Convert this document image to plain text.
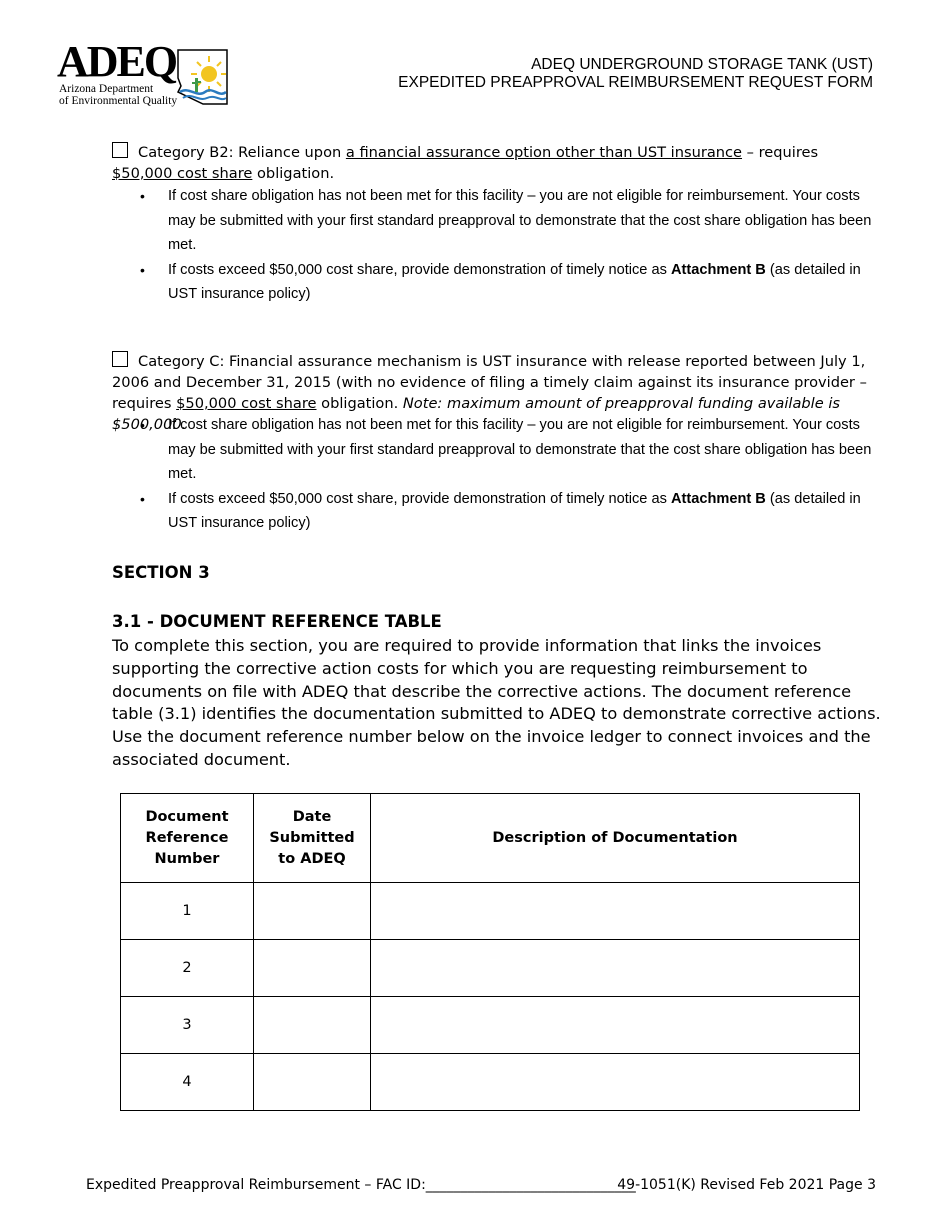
ADEQ
Arizona Department
of Environmental Quality
ADEQ UNDERGROUND STORAGE TANK (UST)
EXPEDITED PREAPPROVAL REIMBURSEMENT REQUEST FORM
Category B2: Reliance upon a financial assurance option other than UST insurance – requires $50,000 cost share obligation.
• If cost share obligation has not been met for this facility – you are not eligible for reimbursement. Your costs may be submitted with your first standard preapproval to demonstrate that the cost share obligation has been met.
• If costs exceed $50,000 cost share, provide demonstration of timely notice as Attachment B (as detailed in UST insurance policy)
Category C: Financial assurance mechanism is UST insurance with release reported between July 1, 2006 and December 31, 2015 (with no evidence of filing a timely claim against its insurance provider – requires $50,000 cost share obligation. Note: maximum amount of preapproval funding available is $500,000.
• If cost share obligation has not been met for this facility – you are not eligible for reimbursement. Your costs may be submitted with your first standard preapproval to demonstrate that the cost share obligation has been met.
• If costs exceed $50,000 cost share, provide demonstration of timely notice as Attachment B (as detailed in UST insurance policy)
SECTION 3
3.1 - DOCUMENT REFERENCE TABLE
To complete this section, you are required to provide information that links the invoices supporting the corrective action costs for which you are requesting reimbursement to documents on file with ADEQ that describe the corrective actions. The document reference table (3.1) identifies the documentation submitted to ADEQ to demonstrate corrective actions. Use the document reference number below on the invoice ledger to connect invoices and the associated document.
Document Reference Number	Date Submitted to ADEQ	Description of Documentation
1		
2		
3		
4		
Expedited Preapproval Reimbursement – FAC ID:______________________________
49-1051(K) Revised Feb 2021 Page 3
